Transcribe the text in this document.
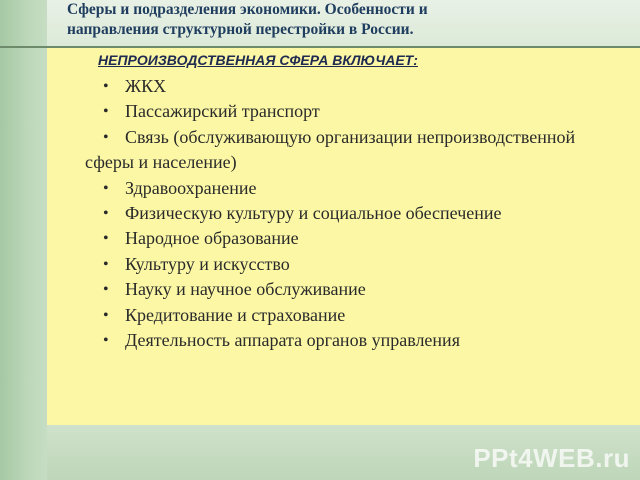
Сферы и подразделения экономики. Особенности и
направления структурной перестройки в России.
НЕПРОИЗВОДСТВЕННАЯ СФЕРА ВКЛЮЧАЕТ:
• ЖКХ
• Пассажирский транспорт
• Связь (обслуживающую организации непроизводственной сферы и население)
• Здравоохранение
• Физическую культуру и социальное обеспечение
• Народное образование
• Культуру и искусство
• Науку и научное обслуживание
• Кредитование и страхование
• Деятельность аппарата органов управления
PPt4WEB.ru
